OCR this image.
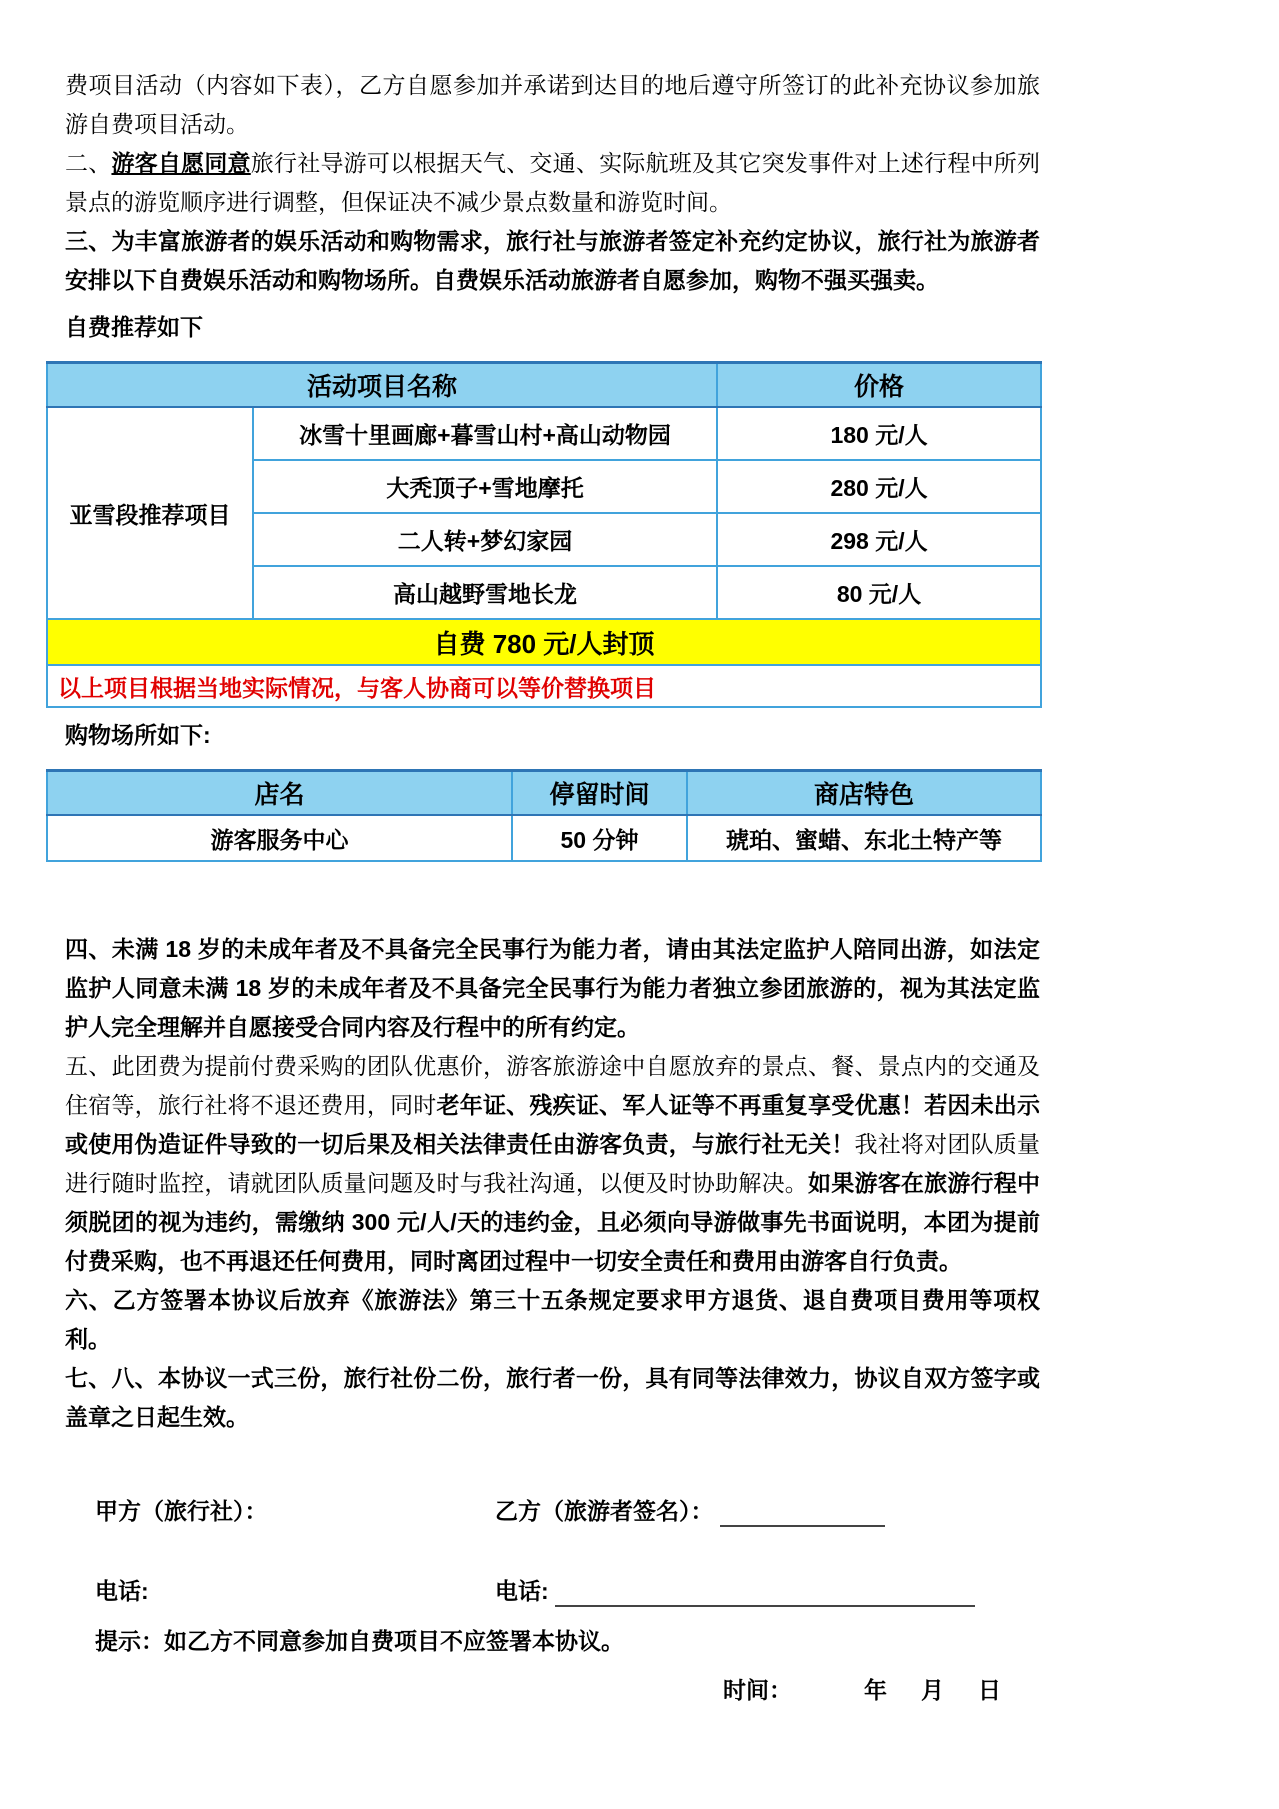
费项目活动（内容如下表），乙方自愿参加并承诺到达目的地后遵守所签订的此补充协议参加旅游自费项目活动。

二、游客自愿同意旅行社导游可以根据天气、交通、实际航班及其它突发事件对上述行程中所列景点的游览顺序进行调整，但保证决不减少景点数量和游览时间。

三、为丰富旅游者的娱乐活动和购物需求，旅行社与旅游者签定补充约定协议，旅行社为旅游者安排以下自费娱乐活动和购物场所。自费娱乐活动旅游者自愿参加，购物不强买强卖。

自费推荐如下
活动项目名称		价格
亚雪段推荐项目	冰雪十里画廊+暮雪山村+高山动物园	180 元/人
	大秃顶子+雪地摩托	280 元/人
	二人转+梦幻家园	298 元/人
	高山越野雪地长龙	80 元/人
自费 780 元/人封顶		
以上项目根据当地实际情况，与客人协商可以等价替换项目		
购物场所如下:
店名	停留时间	商店特色
游客服务中心	50 分钟	琥珀、蜜蜡、东北土特产等

四、未满 18 岁的未成年者及不具备完全民事行为能力者，请由其法定监护人陪同出游，如法定监护人同意未满 18 岁的未成年者及不具备完全民事行为能力者独立参团旅游的，视为其法定监护人完全理解并自愿接受合同内容及行程中的所有约定。

五、此团费为提前付费采购的团队优惠价，游客旅游途中自愿放弃的景点、餐、景点内的交通及住宿等，旅行社将不退还费用，同时老年证、残疾证、军人证等不再重复享受优惠！若因未出示或使用伪造证件导致的一切后果及相关法律责任由游客负责，与旅行社无关！我社将对团队质量进行随时监控，请就团队质量问题及时与我社沟通，以便及时协助解决。如果游客在旅游行程中须脱团的视为违约，需缴纳 300 元/人/天的违约金，且必须向导游做事先书面说明，本团为提前付费采购，也不再退还任何费用，同时离团过程中一切安全责任和费用由游客自行负责。

六、乙方签署本协议后放弃《旅游法》第三十五条规定要求甲方退货、退自费项目费用等项权利。

七、八、本协议一式三份，旅行社份二份，旅行者一份，具有同等法律效力，协议自双方签字或盖章之日起生效。

甲方（旅行社）：	乙方（旅游者签名）：
电话:	电话:
提示：如乙方不同意参加自费项目不应签署本协议。
时间：	年 月 日
